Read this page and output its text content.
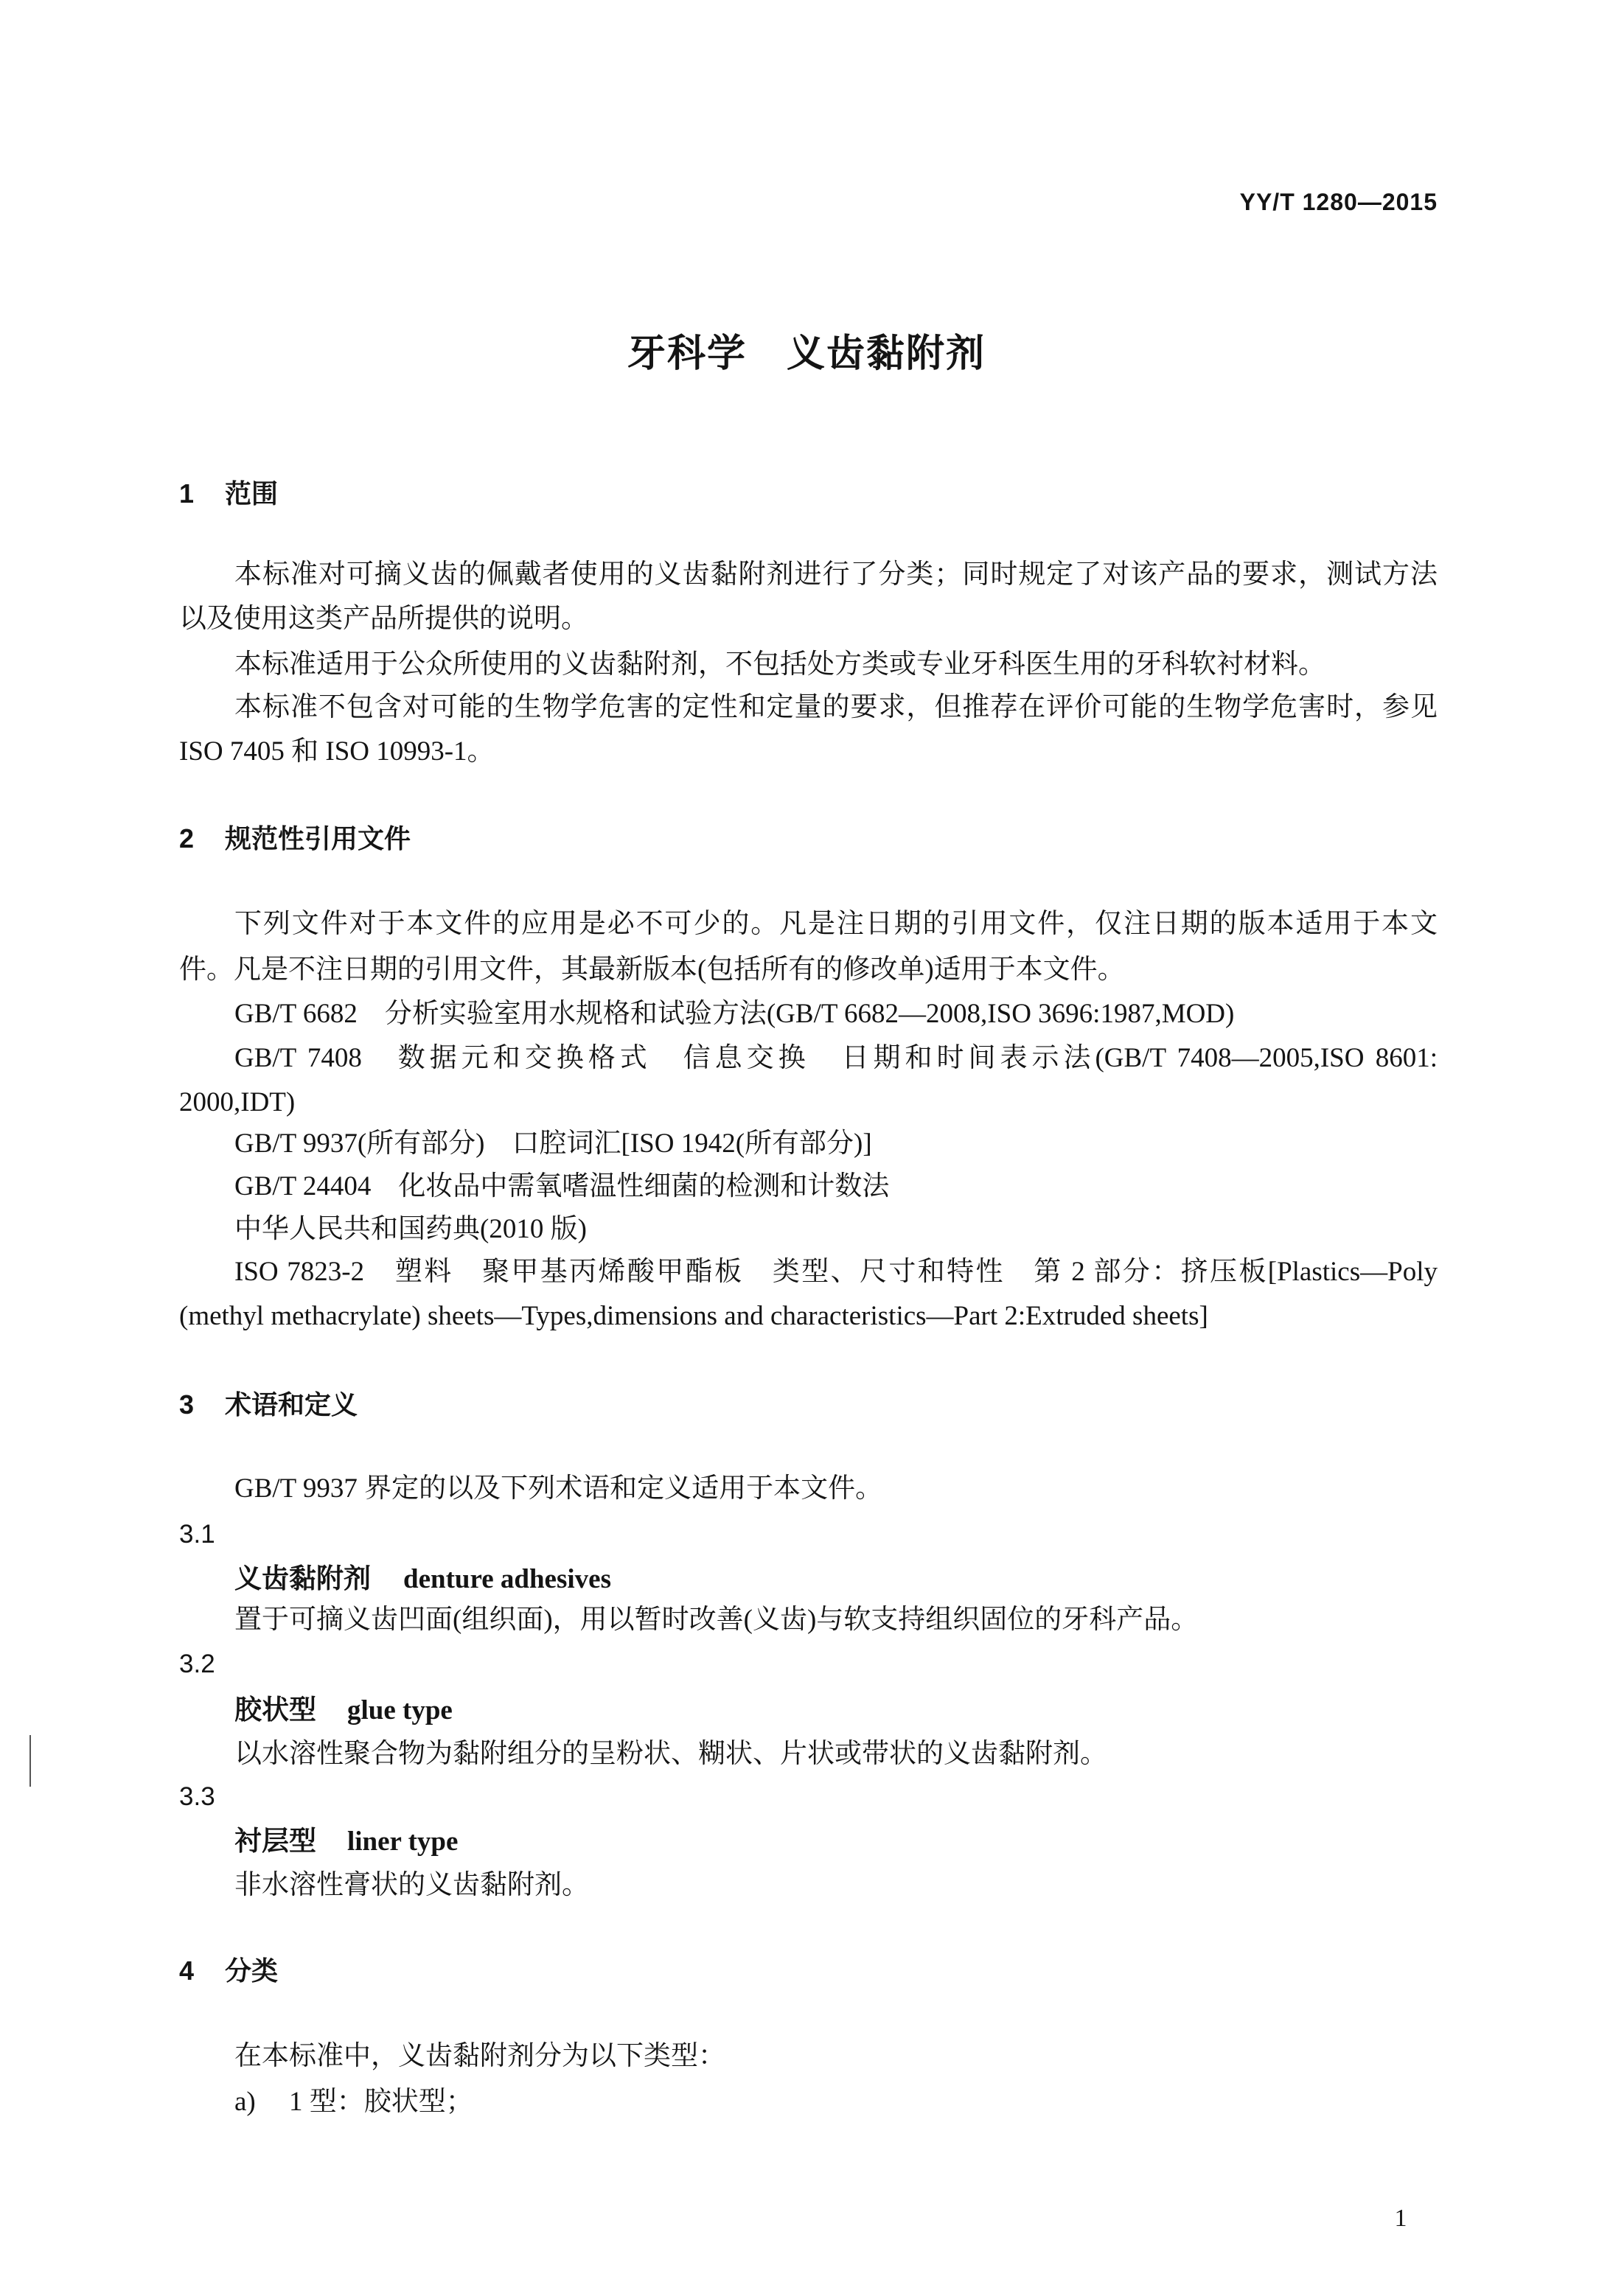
YY/T 1280—2015
牙科学　义齿黏附剂
1 范围
本标准对可摘义齿的佩戴者使用的义齿黏附剂进行了分类；同时规定了对该产品的要求，测试方法
以及使用这类产品所提供的说明。
本标准适用于公众所使用的义齿黏附剂，不包括处方类或专业牙科医生用的牙科软衬材料。
本标准不包含对可能的生物学危害的定性和定量的要求，但推荐在评价可能的生物学危害时，参见
ISO 7405 和 ISO 10993-1。
2 规范性引用文件
下列文件对于本文件的应用是必不可少的。凡是注日期的引用文件，仅注日期的版本适用于本文
件。凡是不注日期的引用文件，其最新版本(包括所有的修改单)适用于本文件。
GB/T 6682　分析实验室用水规格和试验方法(GB/T 6682—2008,ISO 3696:1987,MOD)
GB/T 7408　数据元和交换格式　信息交换　日期和时间表示法(GB/T 7408—2005,ISO 8601:
2000,IDT)
GB/T 9937(所有部分)　口腔词汇[ISO 1942(所有部分)]
GB/T 24404　化妆品中需氧嗜温性细菌的检测和计数法
中华人民共和国药典(2010 版)
ISO 7823-2　塑料　聚甲基丙烯酸甲酯板　类型、尺寸和特性　第 2 部分：挤压板[Plastics—Poly
(methyl methacrylate) sheets—Types,dimensions and characteristics—Part 2:Extruded sheets]
3 术语和定义
GB/T 9937 界定的以及下列术语和定义适用于本文件。
3.1
义齿黏附剂 denture adhesives
置于可摘义齿凹面(组织面)，用以暂时改善(义齿)与软支持组织固位的牙科产品。
3.2
胶状型 glue type
以水溶性聚合物为黏附组分的呈粉状、糊状、片状或带状的义齿黏附剂。
3.3
衬层型 liner type
非水溶性膏状的义齿黏附剂。
4 分类
在本标准中，义齿黏附剂分为以下类型：
a) 1 型：胶状型；
1
